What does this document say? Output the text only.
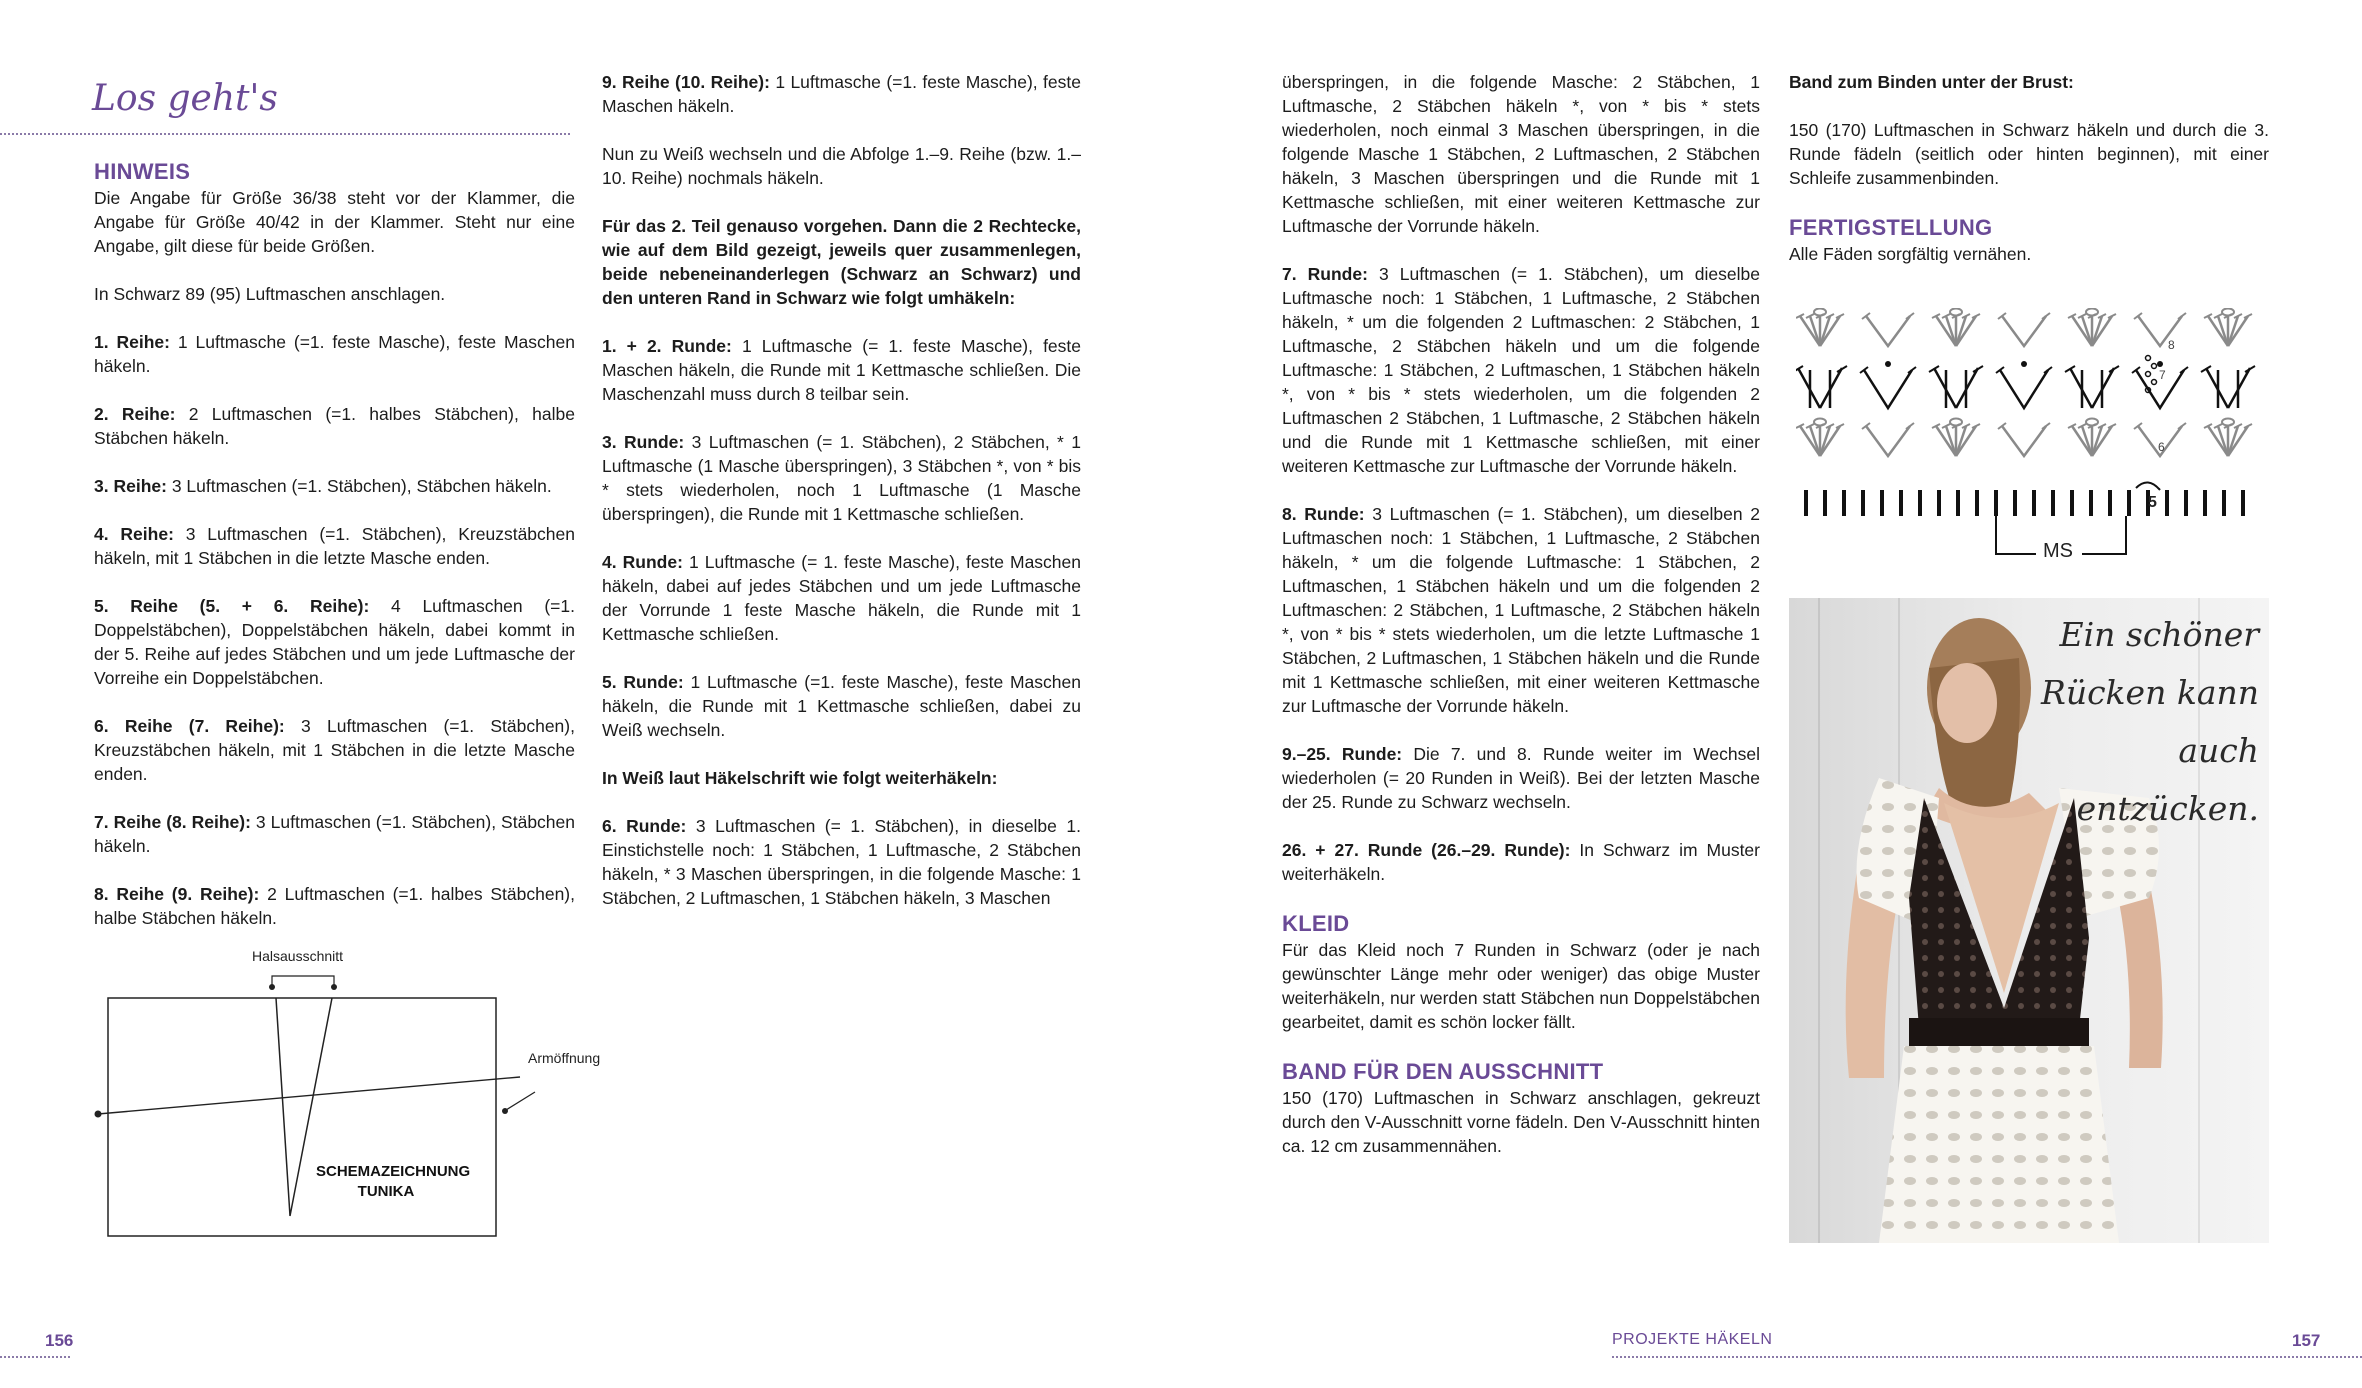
Los geht's
HINWEIS

Die Angabe für Größe 36/38 steht vor der Klammer, die Angabe für Größe 40/42 in der Klammer. Steht nur eine Angabe, gilt diese für beide Größen.

In Schwarz 89 (95) Luftmaschen anschlagen.

1. Reihe: 1 Luftmasche (=1. feste Masche), feste Maschen häkeln.

2. Reihe: 2 Luftmaschen (=1. halbes Stäbchen), halbe Stäbchen häkeln.

3. Reihe: 3 Luftmaschen (=1. Stäbchen), Stäbchen häkeln.

4. Reihe: 3 Luftmaschen (=1. Stäbchen), Kreuzstäbchen häkeln, mit 1 Stäbchen in die letzte Masche enden.

5. Reihe (5. + 6. Reihe): 4 Luftmaschen (=1. Doppelstäbchen), Doppelstäbchen häkeln, dabei kommt in der 5. Reihe auf jedes Stäbchen und um jede Luftmasche der Vorreihe ein Doppelstäbchen.

6. Reihe (7. Reihe): 3 Luftmaschen (=1. Stäbchen), Kreuzstäbchen häkeln, mit 1 Stäbchen in die letzte Masche enden.

7. Reihe (8. Reihe): 3 Luftmaschen (=1. Stäbchen), Stäbchen häkeln.

8. Reihe (9. Reihe): 2 Luftmaschen (=1. halbes Stäbchen), halbe Stäbchen häkeln.

9. Reihe (10. Reihe): 1 Luftmasche (=1. feste Masche), feste Maschen häkeln.

Nun zu Weiß wechseln und die Abfolge 1.–9. Reihe (bzw. 1.–10. Reihe) nochmals häkeln.

Für das 2. Teil genauso vorgehen. Dann die 2 Rechtecke, wie auf dem Bild gezeigt, jeweils quer zusammenlegen, beide nebeneinanderlegen (Schwarz an Schwarz) und den unteren Rand in Schwarz wie folgt umhäkeln:

1. + 2. Runde: 1 Luftmasche (= 1. feste Masche), feste Maschen häkeln, die Runde mit 1 Kettmasche schließen. Die Maschenzahl muss durch 8 teilbar sein.

3. Runde: 3 Luftmaschen (= 1. Stäbchen), 2 Stäbchen, * 1 Luftmasche (1 Masche überspringen), 3 Stäbchen *, von * bis * stets wiederholen, noch 1 Luftmasche (1 Masche überspringen), die Runde mit 1 Kettmasche schließen.

4. Runde: 1 Luftmasche (= 1. feste Masche), feste Maschen häkeln, dabei auf jedes Stäbchen und um jede Luftmasche der Vorrunde 1 feste Masche häkeln, die Runde mit 1 Kettmasche schließen.

5. Runde: 1 Luftmasche (=1. feste Masche), feste Maschen häkeln, die Runde mit 1 Kettmasche schließen, dabei zu Weiß wechseln.

In Weiß laut Häkelschrift wie folgt weiterhäkeln:

6. Runde: 3 Luftmaschen (= 1. Stäbchen), in dieselbe 1. Einstichstelle noch: 1 Stäbchen, 1 Luftmasche, 2 Stäbchen häkeln, * 3 Maschen überspringen, in die folgende Masche: 1 Stäbchen, 2 Luftmaschen, 1 Stäbchen häkeln, 3 Maschen

Halsausschnitt
Armöffnung
SCHEMAZEICHNUNG
TUNIKA
156

überspringen, in die folgende Masche: 2 Stäbchen, 1 Luftmasche, 2 Stäbchen häkeln *, von * bis * stets wiederholen, noch einmal 3 Maschen überspringen, in die folgende Masche 1 Stäbchen, 2 Luftmaschen, 2 Stäbchen häkeln, 3 Maschen überspringen und die Runde mit 1 Kettmasche schließen, mit einer weiteren Kettmasche zur Luftmasche der Vorrunde häkeln.

7. Runde: 3 Luftmaschen (= 1. Stäbchen), um dieselbe Luftmasche noch: 1 Stäbchen, 1 Luftmasche, 2 Stäbchen häkeln, * um die folgenden 2 Luftmaschen: 2 Stäbchen, 1 Luftmasche, 2 Stäbchen häkeln und um die folgende Luftmasche: 1 Stäbchen, 2 Luftmaschen, 1 Stäbchen häkeln *, von * bis * stets wiederholen, um die folgenden 2 Luftmaschen 2 Stäbchen, 1 Luftmasche, 2 Stäbchen häkeln und die Runde mit 1 Kettmasche schließen, mit einer weiteren Kettmasche zur Luftmasche der Vorrunde häkeln.

8. Runde: 3 Luftmaschen (= 1. Stäbchen), um dieselben 2 Luftmaschen noch: 1 Stäbchen, 1 Luftmasche, 2 Stäbchen häkeln, * um die folgende Luftmasche: 1 Stäbchen, 2 Luftmaschen, 1 Stäbchen häkeln und um die folgenden 2 Luftmaschen: 2 Stäbchen, 1 Luftmasche, 2 Stäbchen häkeln *, von * bis * stets wiederholen, um die letzte Luftmasche 1 Stäbchen, 2 Luftmaschen, 1 Stäbchen häkeln und die Runde mit 1 Kettmasche schließen, mit einer weiteren Kettmasche zur Luftmasche der Vorrunde häkeln.

9.–25. Runde: Die 7. und 8. Runde weiter im Wechsel wiederholen (= 20 Runden in Weiß). Bei der letzten Masche der 25. Runde zu Schwarz wechseln.

26. + 27. Runde (26.–29. Runde): In Schwarz im Muster weiterhäkeln.

KLEID

Für das Kleid noch 7 Runden in Schwarz (oder je nach gewünschter Länge mehr oder weniger) das obige Muster weiterhäkeln, nur werden statt Stäbchen nun Doppelstäbchen gearbeitet, damit es schön locker fällt.

BAND FÜR DEN AUSSCHNITT

150 (170) Luftmaschen in Schwarz anschlagen, gekreuzt durch den V-Ausschnitt vorne fädeln. Den V-Ausschnitt hinten ca. 12 cm zusammennähen.

Band zum Binden unter der Brust:

150 (170) Luftmaschen in Schwarz häkeln und durch die 3. Runde fädeln (seitlich oder hinten beginnen), mit einer Schleife zusammenbinden.

FERTIGSTELLUNG

Alle Fäden sorgfältig vernähen.

MS
5
6
7
8
Ein schöner
Rücken kann
auch entzücken.
PROJEKTE HÄKELN	157
